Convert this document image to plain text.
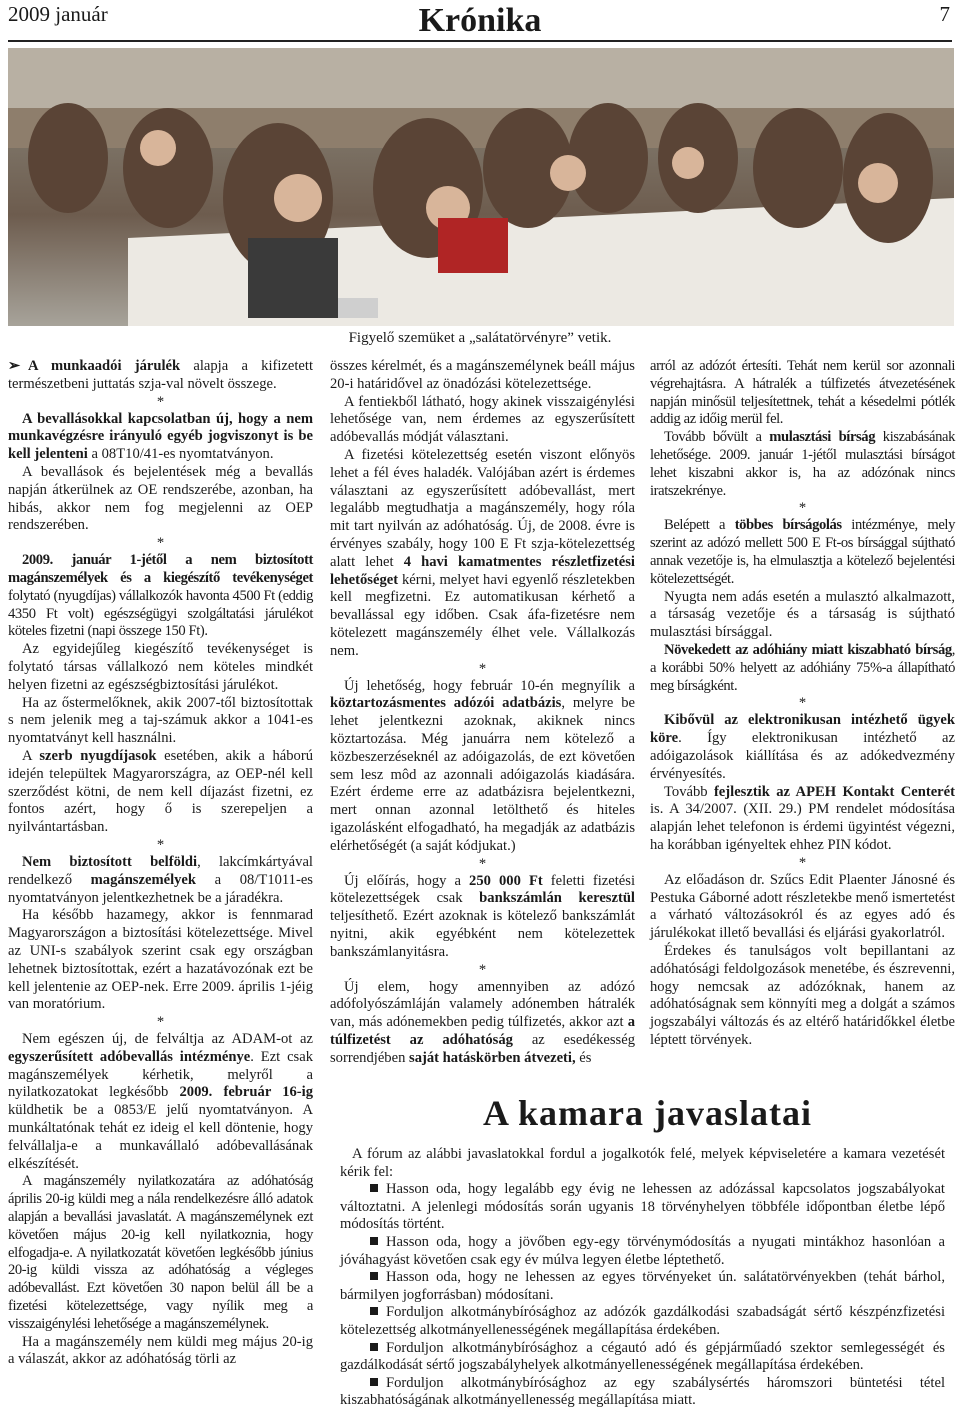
2009 január	Krónika	7
Figyelő szemüket a „salátatörvényre” vetik.

➢ A munkaadói járulék alapja a kifizetett természetbeni juttatás szja-val növelt összege.

*

A bevallásokkal kapcsolatban új, hogy a nem munkavégzésre irányuló egyéb jogviszonyt is be kell jelenteni a 08T10/41-es nyomtatványon.

A bevallások és bejelentések még a bevallás napján átkerülnek az OE rendszerébe, azonban, ha hibás, akkor nem fog megjelenni az OEP rendszerében.

*

2009. január 1-jétől a nem biztosított magánszemélyek és a kiegészítő tevékenységet folytató (nyugdíjas) vállalkozók havonta 4500 Ft (eddig 4350 Ft volt) egészségügyi szolgáltatási járulékot köteles fizetni (napi összege 150 Ft).

Az egyidejűleg kiegészítő tevékenységet is folytató társas vállalkozó nem köteles mindkét helyen fizetni az egészségbiztosítási járulékot.

Ha az őstermelőknek, akik 2007-től biztosítottak s nem jelenik meg a taj-számuk akkor a 1041-es nyomtatványt kell használni.

A szerb nyugdíjasok esetében, akik a háború idején települtek Magyarországra, az OEP-nél kell szerződést kötni, de nem kell díjazást fizetni, ez fontos azért, hogy ő is szerepeljen a nyilvántartásban.

*

Nem biztosított belföldi, lakcímkártyával rendelkező magánszemélyek a 08/T1011-es nyomtatványon jelentkezhetnek be a járadékra.

Ha később hazamegy, akkor is fennmarad Magyarországon a biztosítási kötelezettsége. Mivel az UNI-s szabályok szerint csak egy országban lehetnek biztosítottak, ezért a hazatávozónak ezt be kell jelentenie az OEP-nek. Erre 2009. április 1-jéig van moratórium.

*

Nem egészen új, de felváltja az ADAM-ot az egyszerűsített adóbevallás intézménye. Ezt csak magánszemélyek kérhetik, melyről a nyilatkozatokat legkésőbb 2009. február 16-ig küldhetik be a 0853/E jelű nyomtatványon. A munkáltatónak tehát ez ideig el kell döntenie, hogy felvállalja-e a munkavállaló adóbevallásának elkészítését.

A magánszemély nyilatkozatára az adóhatóság április 20-ig küldi meg a nála rendelkezésre álló adatok alapján a bevallási javaslatát. A magánszemélynek ezt követően május 20-ig kell nyilatkoznia, hogy elfogadja-e. A nyilatkozatát követően legkésőbb június 20-ig küldi vissza az adóhatóság a végleges adóbevallást. Ezt követően 30 napon belül áll be a fizetési kötelezettsége, vagy nyílik meg a visszaigénylési lehetősége a magánszemélynek.

Ha a magánszemély nem küldi meg május 20-ig a válaszát, akkor az adóhatóság törli az

összes kérelmét, és a magánszemélynek beáll május 20-i határidővel az önadózási kötelezettsége.

A fentiekből látható, hogy akinek visszaigénylési lehetősége van, nem érdemes az egyszerűsített adóbevallás módját választani.

A fizetési kötelezettség esetén viszont előnyös lehet a fél éves haladék. Valójában azért is érdemes választani az egyszerűsített adóbevallást, mert legalább megtudhatja a magánszemély, hogy róla mit tart nyilván az adóhatóság. Új, de 2008. évre is érvényes szabály, hogy 100 E Ft szja-kötelezettség alatt lehet 4 havi kamatmentes részletfizetési lehetőséget kérni, melyet havi egyenlő részletekben kell megfizetni. Ez automatikusan kérhető a bevallással egy időben. Csak áfa-fizetésre nem kötelezett magánszemély élhet vele. Vállalkozás nem.

*

Új lehetőség, hogy február 10-én megnyílik a köztartozásmentes adózói adatbázis, melyre be lehet jelentkezni azoknak, akiknek nincs köztartozása. Még januárra nem kötelező a közbeszerzéseknél az adóigazolás, de ezt követően sem lesz môd az azonnali adóigazolás kiadására. Ezért érdeme erre az adatbázisra bejelentkezni, mert onnan azonnal letölthető és hiteles igazolásként elfogadható, ha megadják az adatbázis elérhetőségét (a saját kódjukat.)

*

Új előírás, hogy a 250 000 Ft feletti fizetési kötelezettségek csak bankszámlán keresztül teljesíthető. Ezért azoknak is kötelező bankszámlát nyitni, akik egyébként nem kötelezettek bankszámlanyitásra.

*

Új elem, hogy amennyiben az adózó adófolyószámláján valamely adónemben hátralék van, más adónemekben pedig túlfizetés, akkor azt a túlfizetést az adóhatóság az esedékesség sorrendjében saját hatáskörben átvezeti, és

arról az adózót értesíti. Tehát nem kerül sor azonnali végrehajtásra. A hátralék a túlfizetés átvezetésének napján minősül teljesítettnek, tehát a késedelmi pótlék addig az időig merül fel.

Tovább bővült a mulasztási bírság kiszabásának lehetősége. 2009. január 1-jétől mulasztási bírságot lehet kiszabni akkor is, ha az adózónak nincs iratszekrénye.

*

Belépett a többes bírságolás intézménye, mely szerint az adózó mellett 500 E Ft-os bírsággal sújtható annak vezetője is, ha elmulasztja a kötelező bejelentési kötelezettségét.

Nyugta nem adás esetén a mulasztó alkalmazott, a társaság vezetője és a társaság is sújtható mulasztási bírsággal.

Növekedett az adóhiány miatt kiszabható bírság, a korábbi 50% helyett az adóhiány 75%-a állapítható meg bírságként.

*

Kibővül az elektronikusan intézhető ügyek köre. Így elektronikusan intézhető az adóigazolások kiállítása és az adókedvezmény érvényesítés.

Tovább fejlesztik az APEH Kontakt Centerét is. A 34/2007. (XII. 29.) PM rendelet módosítása alapján lehet telefonon is érdemi ügyintést végezni, ha korábban igényeltek ehhez PIN kódot.

*

Az előadáson dr. Szűcs Edit Plaenter Jánosné és Pestuka Gáborné adott részletekbe menő ismertetést a várható változásokról és az egyes adó és járulékokat illető bevallási és eljárási gyakorlatról.

Érdekes és tanulságos volt bepillantani az adóhatósági feldolgozások menetébe, és észrevenni, hogy nemcsak az adózóknak, hanem az adóhatóságnak sem könnyíti meg a dolgát a számos jogszabályi változás és az eltérő határidőkkel életbe léptett törvények.

A kamara javaslatai

A fórum az alábbi javaslatokkal fordul a jogalkotók felé, melyek képviseletére a kamara vezetését kérik fel:

Hasson oda, hogy legalább egy évig ne lehessen az adózással kapcsolatos jogszabályokat változtatni. A jelenlegi módosítás során ugyanis 18 törvényhelyen többféle időpontban életbe lépő módosítás történt.
Hasson oda, hogy a jövőben egy-egy törvénymódosítás a nyugati mintákhoz hasonlóan a jóváhagyást követően csak egy év múlva legyen életbe léptethető.
Hasson oda, hogy ne lehessen az egyes törvényeket ún. salátatörvényekben (tehát bárhol, bármilyen jogforrásban) módosítani.
Forduljon alkotmánybírósághoz az adózók gazdálkodási szabadságát sértő készpénzfizetési kötelezettség alkotmányellenességének megállapítása érdekében.
Forduljon alkotmánybírósághoz a cégautó adó és gépjárműadó szektor semlegességét és gazdálkodását sértő jogszabályhelyek alkotmányellenességének megállapítása érdekében.
Forduljon alkotmánybírósághoz az egy szabálysértés háromszori büntetési tétel kiszabhatóságának alkotmányellenesség megállapítása miatt.
